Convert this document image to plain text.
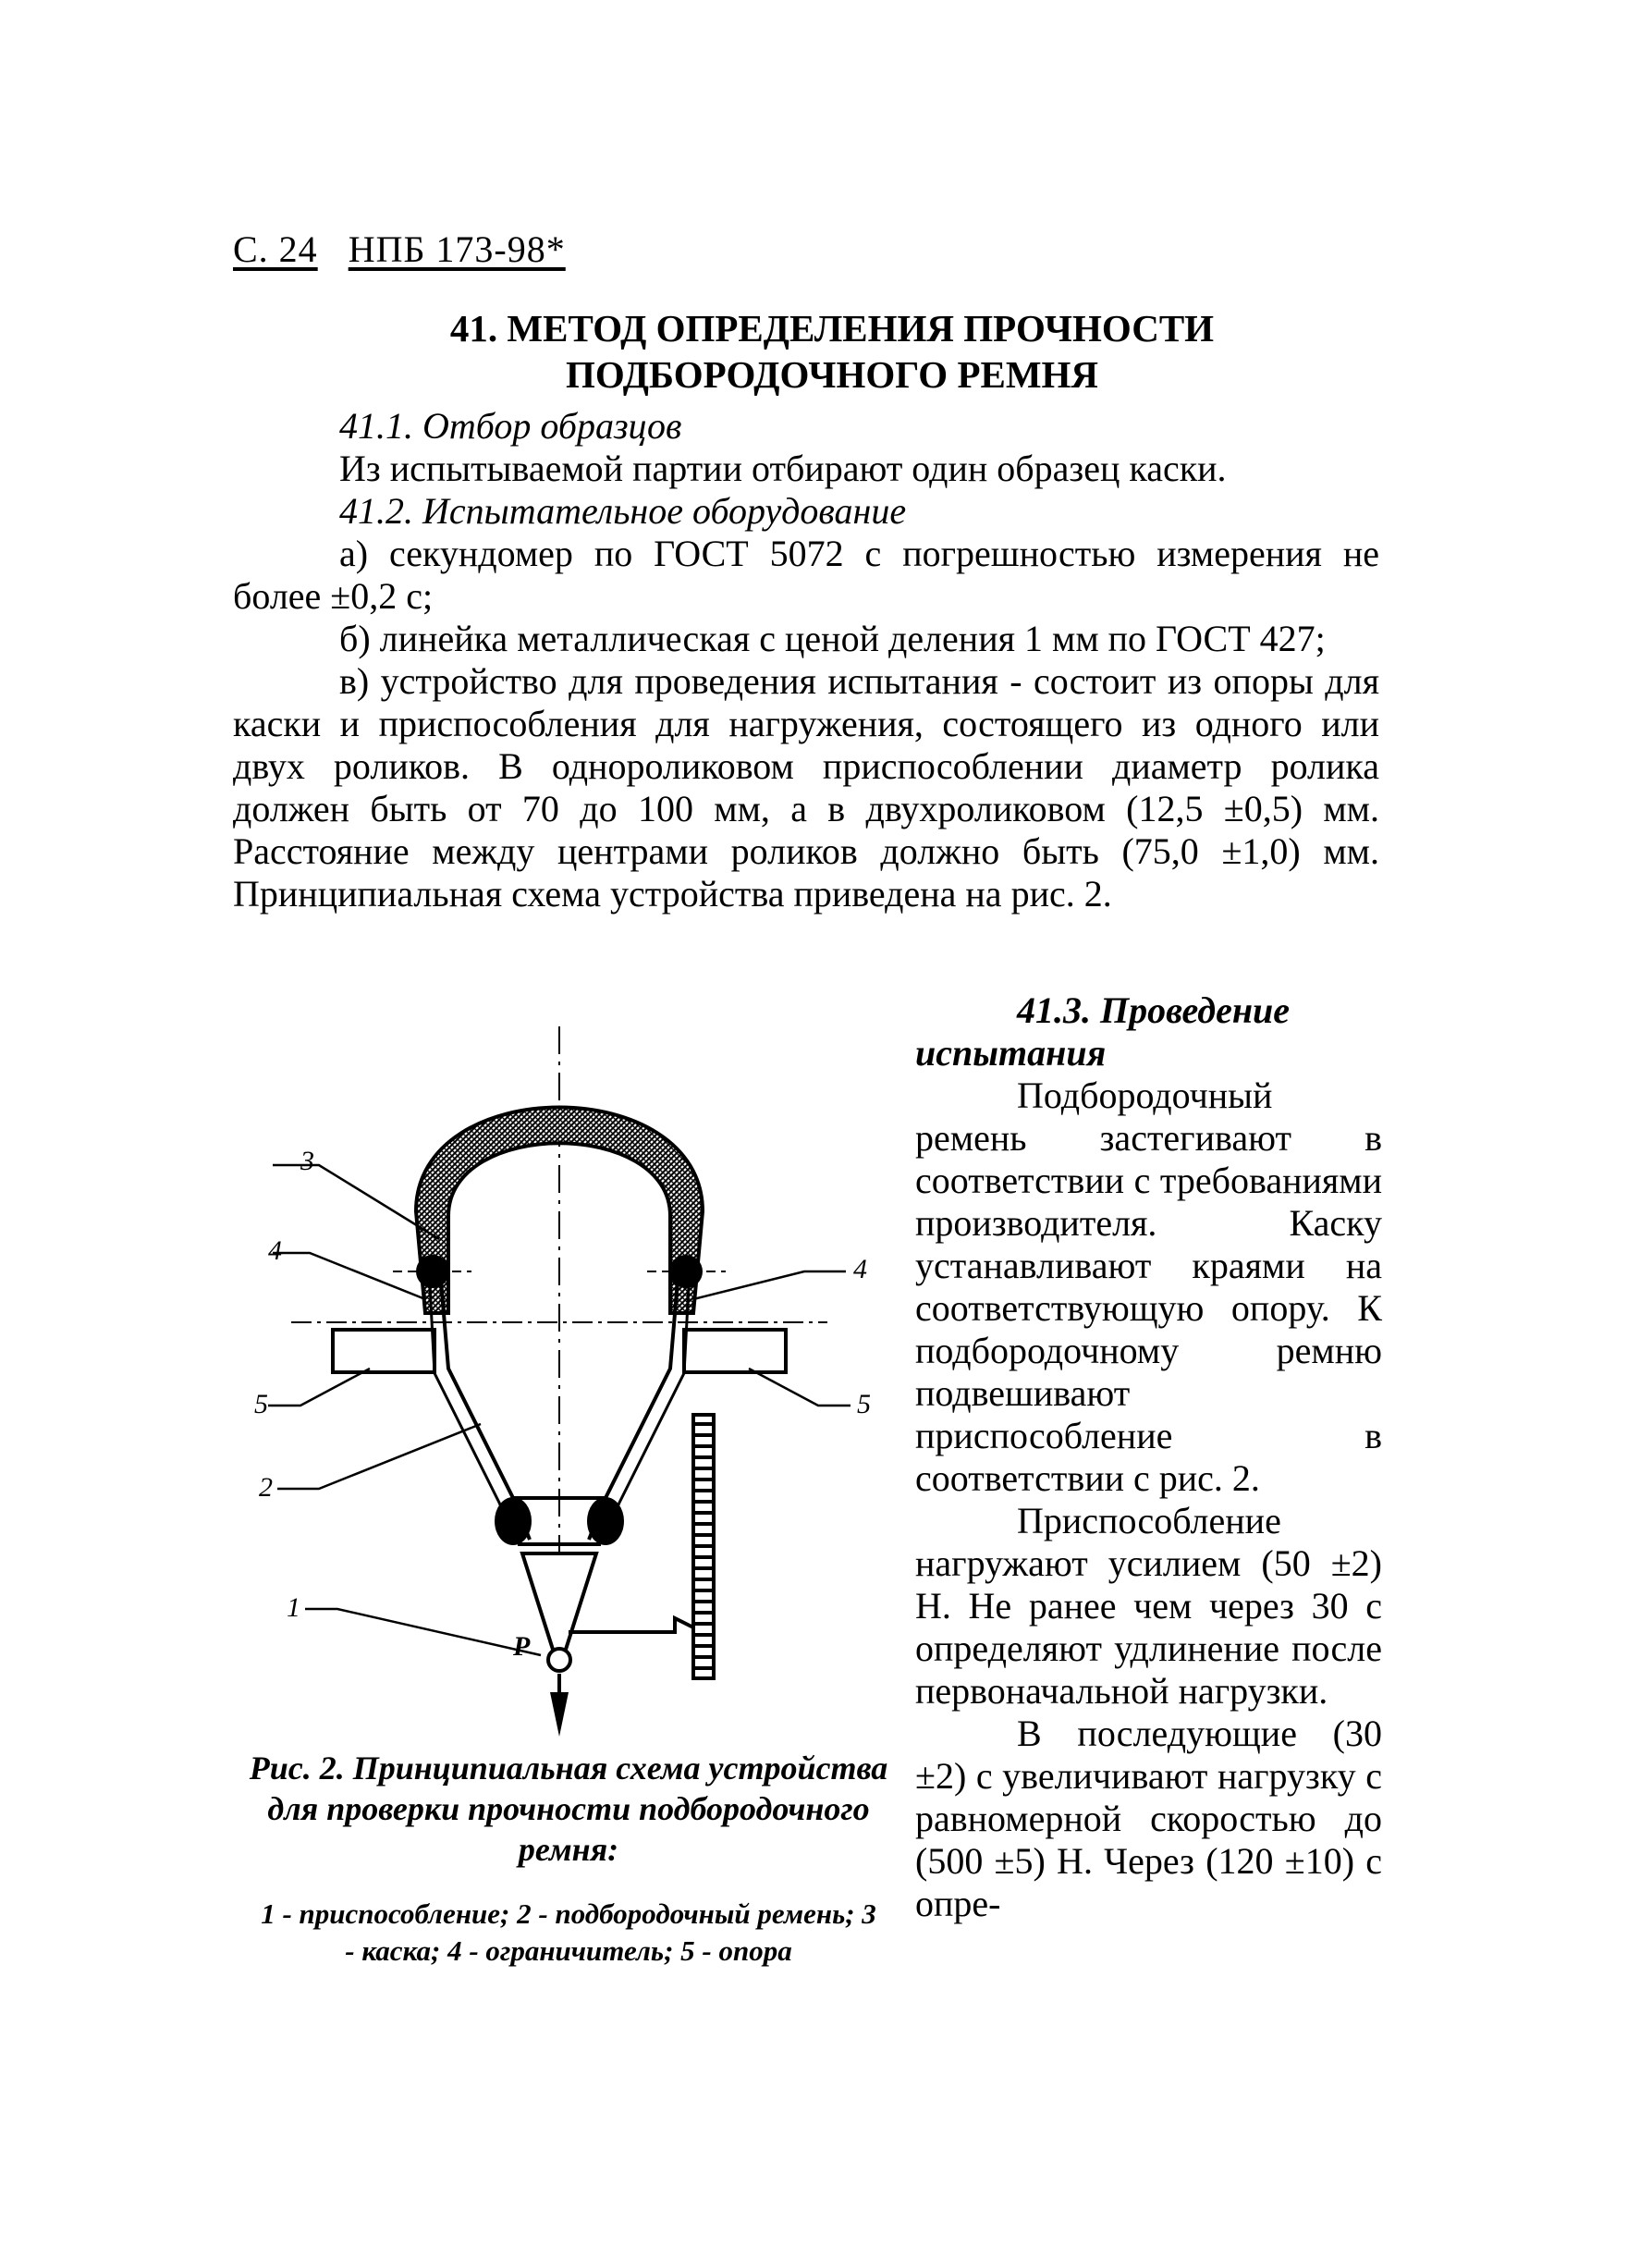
С. 24 НПБ 173-98*
41. МЕТОД ОПРЕДЕЛЕНИЯ ПРОЧНОСТИ
ПОДБОРОДОЧНОГО РЕМНЯ
41.1. Отбор образцов
Из испытываемой партии отбирают один образец каски.
41.2. Испытательное оборудование
а) секундомер по ГОСТ 5072 с погрешностью измерения не более ±0,2 с;
б) линейка металлическая с ценой деления 1 мм по ГОСТ 427;
в) устройство для проведения испытания - состоит из опоры для каски и приспособления для нагружения, состоящего из одного или двух роликов. В однороликовом приспособлении диаметр ролика должен быть от 70 до 100 мм, а в двухроликовом (12,5 ±0,5) мм. Расстояние между центрами роликов должно быть (75,0 ±1,0) мм. Принципиальная схема устройства приведена на рис. 2.
3
4
4
5	5
2
1
P
Рис. 2. Принципиальная схема устройства для проверки прочности подбородочного ремня:
1 - приспособление; 2 - подбородочный ремень; 3 - каска; 4 - ограничитель; 5 - опора

41.3. Проведение испытания

Подбородочный ремень застегивают в соответствии с требованиями производителя. Каску устанавливают краями на соответствующую опору. К подбородочному ремню подвешивают приспособление в соответствии с рис. 2.

Приспособление нагружают усилием (50 ±2) Н. Не ранее чем через 30 с определяют удлинение после первоначальной нагрузки.

В последующие (30 ±2) с увеличивают нагрузку с равномерной скоростью до (500 ±5) Н. Через (120 ±10) с опре-
